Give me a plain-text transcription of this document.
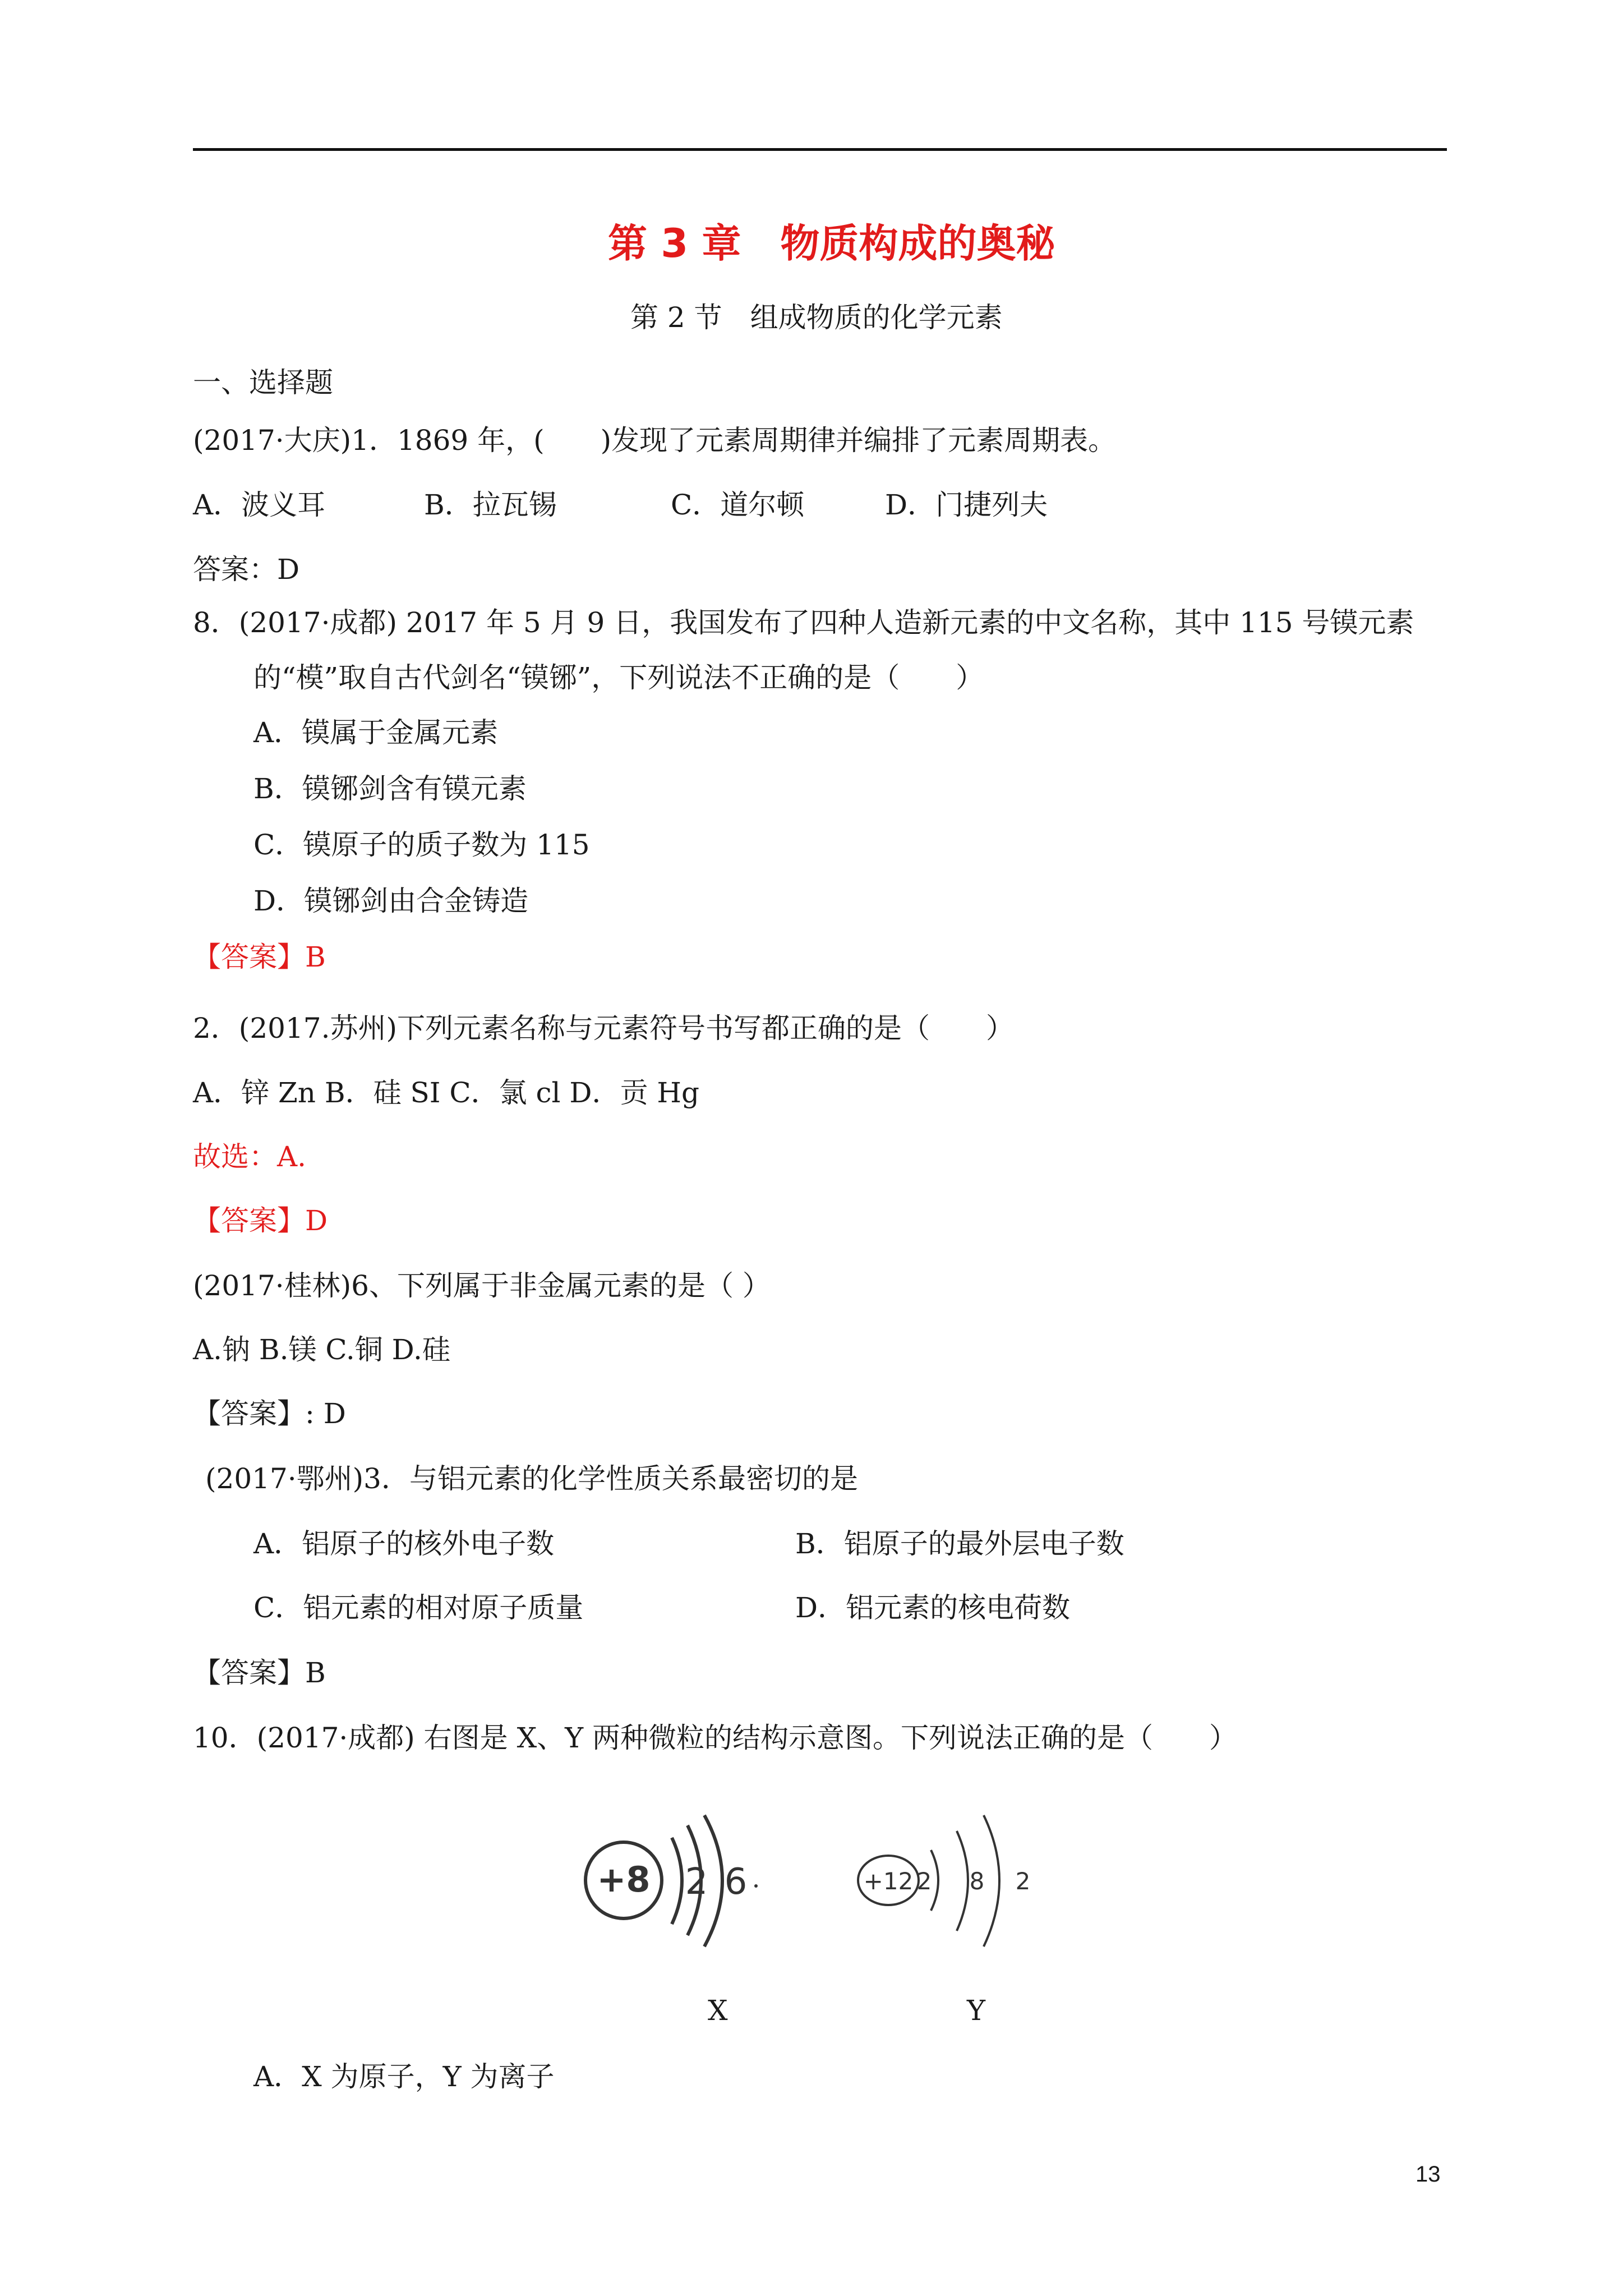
第 3 章　物质构成的奥秘
第 2 节　组成物质的化学元素
一、选择题
(2017·大庆)1．1869 年，(　　)发现了元素周期律并编排了元素周期表。
A．波义耳	B．拉瓦锡	C．道尔顿	D．门捷列夫
答案：D
8．(2017·成都) 2017 年 5 月 9 日，我国发布了四种人造新元素的中文名称，其中 115 号镆元素
的“模”取自古代剑名“镆铘”，下列说法不正确的是（　　）
A．镆属于金属元素
B．镆铘剑含有镆元素
C．镆原子的质子数为 115
D．镆铘剑由合金铸造
【答案】B
2．(2017.苏州)下列元素名称与元素符号书写都正确的是（　　）
A．锌 Zn B．硅 SI C．氯 cl D．贡 Hg
故选：A.
【答案】D
(2017·桂林)6、下列属于非金属元素的是（ ）
A.钠 B.镁 C.铜 D.硅
【答案】: D
(2017·鄂州)3．与铝元素的化学性质关系最密切的是
A．铝原子的核外电子数	B．铝原子的最外层电子数
C．铝元素的相对原子质量	D．铝元素的核电荷数
【答案】B
10．(2017·成都) 右图是 X、Y 两种微粒的结构示意图。下列说法正确的是（　　）
+8 2 6	+12 2 8 2
X	Y
A．X 为原子，Y 为离子
13
